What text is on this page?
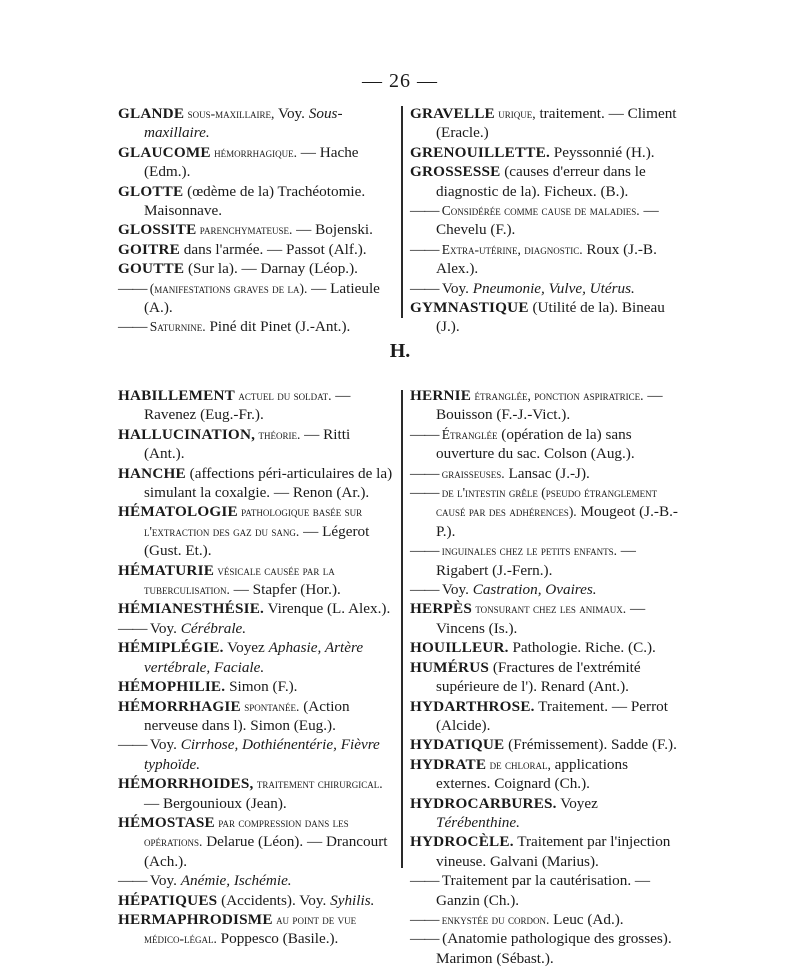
— 26 —

GLANDE sous-maxillaire, Voy. Sous-maxillaire.

GLAUCOME hémorrhagique. — Hache (Edm.).

GLOTTE (œdème de la) Trachéotomie. Maisonnave.

GLOSSITE parenchymateuse. — Bojenski.

GOITRE dans l'armée. — Passot (Alf.).

GOUTTE (Sur la). — Darnay (Léop.).

—— (manifestations graves de la). — Latieule (A.).

—— Saturnine. Piné dit Pinet (J.-Ant.).

GRAVELLE urique, traitement. — Climent (Eracle.)

GRENOUILLETTE. Peyssonnié (H.).

GROSSESSE (causes d'erreur dans le diagnostic de la). Ficheux. (B.).

—— Considérée comme cause de maladies. — Chevelu (F.).

—— Extra-utérine, diagnostic. Roux (J.-B. Alex.).

—— Voy. Pneumonie, Vulve, Utérus.

GYMNASTIQUE (Utilité de la). Bineau (J.).

H.

HABILLEMENT actuel du soldat. — Ravenez (Eug.-Fr.).

HALLUCINATION, théorie. — Ritti (Ant.).

HANCHE (affections péri-articulaires de la) simulant la coxalgie. — Renon (Ar.).

HÉMATOLOGIE pathologique basée sur l'extraction des gaz du sang. — Légerot (Gust. Et.).

HÉMATURIE vésicale causée par la tuberculisation. — Stapfer (Hor.).

HÉMIANESTHÉSIE. Virenque (L. Alex.).

—— Voy. Cérébrale.

HÉMIPLÉGIE. Voyez Aphasie, Artère vertébrale, Faciale.

HÉMOPHILIE. Simon (F.).

HÉMORRHAGIE spontanée. (Action nerveuse dans l). Simon (Eug.).

—— Voy. Cirrhose, Dothiénentérie, Fièvre typhoïde.

HÉMORRHOIDES, traitement chirurgical. — Bergounioux (Jean).

HÉMOSTASE par compression dans les opérations. Delarue (Léon). — Drancourt (Ach.).

—— Voy. Anémie, Ischémie.

HÉPATIQUES (Accidents). Voy. Syhilis.

HERMAPHRODISME au point de vue médico-légal. Poppesco (Basile.).

HERNIE étranglée, ponction aspiratrice. — Bouisson (F.-J.-Vict.).

—— Étranglée (opération de la) sans ouverture du sac. Colson (Aug.).

—— graisseuses. Lansac (J.-J).

—— de l'intestin grêle (pseudo étranglement causé par des adhérences). Mougeot (J.-B.-P.).

—— inguinales chez le petits enfants. — Rigabert (J.-Fern.).

—— Voy. Castration, Ovaires.

HERPÈS tonsurant chez les animaux. — Vincens (Is.).

HOUILLEUR. Pathologie. Riche. (C.).

HUMÉRUS (Fractures de l'extrémité supérieure de l'). Renard (Ant.).

HYDARTHROSE. Traitement. — Perrot (Alcide).

HYDATIQUE (Frémissement). Sadde (F.).

HYDRATE de chloral, applications externes. Coignard (Ch.).

HYDROCARBURES. Voyez Térébenthine.

HYDROCÈLE. Traitement par l'injection vineuse. Galvani (Marius).

—— Traitement par la cautérisation. — Ganzin (Ch.).

—— enkystée du cordon. Leuc (Ad.).

—— (Anatomie pathologique des grosses). Marimon (Sébast.).
